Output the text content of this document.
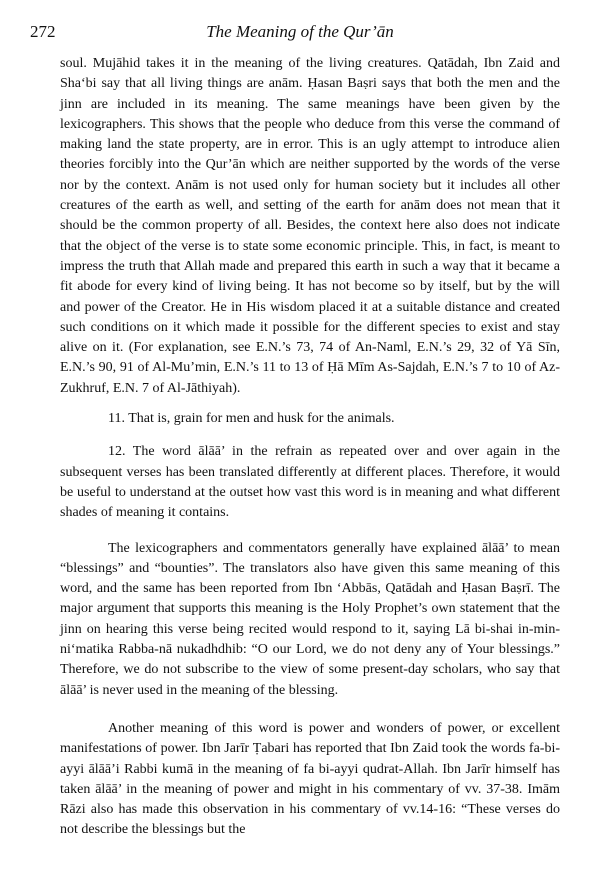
272	The Meaning of the Qur’ān

soul. Mujāhid takes it in the meaning of the living creatures. Qatādah, Ibn Zaid and Sha‘bi say that all living things are anām. Ḥasan Baṣri says that both the men and the jinn are included in its meaning. The same meanings have been given by the lexicographers. This shows that the people who deduce from this verse the command of making land the state property, are in error. This is an ugly attempt to introduce alien theories forcibly into the Qur’ān which are neither supported by the words of the verse nor by the context. Anām is not used only for human society but it includes all other creatures of the earth as well, and setting of the earth for anām does not mean that it should be the common property of all. Besides, the context here also does not indicate that the object of the verse is to state some economic principle. This, in fact, is meant to impress the truth that Allah made and prepared this earth in such a way that it became a fit abode for every kind of living being. It has not become so by itself, but by the will and power of the Creator. He in His wisdom placed it at a suitable distance and created such conditions on it which made it possible for the different species to exist and stay alive on it. (For explanation, see E.N.’s 73, 74 of An-Naml, E.N.’s 29, 32 of Yā Sīn, E.N.’s 90, 91 of Al-Mu’min, E.N.’s 11 to 13 of Ḥā Mīm As-Sajdah, E.N.’s 7 to 10 of Az-Zukhruf, E.N. 7 of Al-Jāthiyah).

11. That is, grain for men and husk for the animals.

12. The word ālāā’ in the refrain as repeated over and over again in the subsequent verses has been translated differently at different places. Therefore, it would be useful to understand at the outset how vast this word is in meaning and what different shades of meaning it contains.

The lexicographers and commentators generally have explained ālāā’ to mean “blessings” and “bounties”. The translators also have given this same meaning of this word, and the same has been reported from Ibn ‘Abbās, Qatādah and Ḥasan Baṣrī. The major argument that supports this meaning is the Holy Prophet’s own statement that the jinn on hearing this verse being recited would respond to it, saying Lā bi-shai in-min-ni‘matika Rabba-nā nukadhdhib: “O our Lord, we do not deny any of Your blessings.” Therefore, we do not subscribe to the view of some present-day scholars, who say that ālāā’ is never used in the meaning of the blessing.

Another meaning of this word is power and wonders of power, or excellent manifestations of power. Ibn Jarīr Ṭabari has reported that Ibn Zaid took the words fa-bi-ayyi ālāā’i Rabbi kumā in the meaning of fa bi-ayyi qudrat-Allah. Ibn Jarīr himself has taken ālāā’ in the meaning of power and might in his commentary of vv. 37-38. Imām Rāzi also has made this observation in his commentary of vv.14-16: “These verses do not describe the blessings but the
